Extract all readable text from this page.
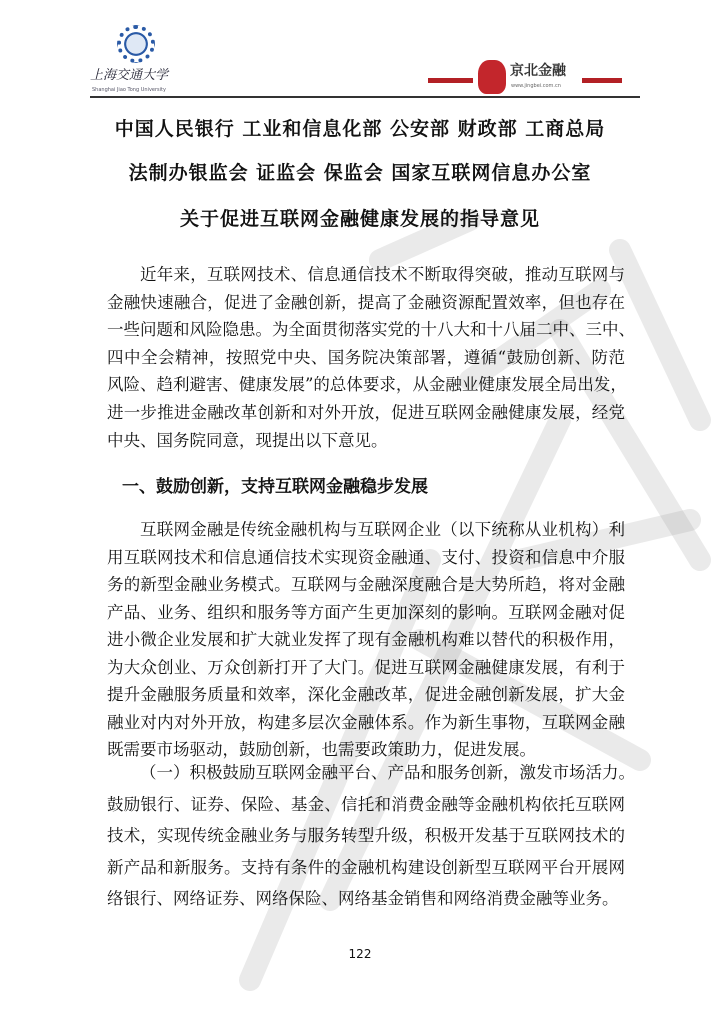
上海交通大学
Shanghai Jiao Tong University
京北金融
www.jingbei.com.cn
中国人民银行 工业和信息化部 公安部 财政部 工商总局
法制办银监会 证监会 保监会 国家互联网信息办公室
关于促进互联网金融健康发展的指导意见
近年来，互联网技术、信息通信技术不断取得突破，推动互联网与
金融快速融合，促进了金融创新，提高了金融资源配置效率，但也存在
一些问题和风险隐患。为全面贯彻落实党的十八大和十八届二中、三中、
四中全会精神，按照党中央、国务院决策部署，遵循“鼓励创新、防范
风险、趋利避害、健康发展”的总体要求，从金融业健康发展全局出发，
进一步推进金融改革创新和对外开放，促进互联网金融健康发展，经党
中央、国务院同意，现提出以下意见。
一、鼓励创新，支持互联网金融稳步发展
互联网金融是传统金融机构与互联网企业（以下统称从业机构）利
用互联网技术和信息通信技术实现资金融通、支付、投资和信息中介服
务的新型金融业务模式。互联网与金融深度融合是大势所趋，将对金融
产品、业务、组织和服务等方面产生更加深刻的影响。互联网金融对促
进小微企业发展和扩大就业发挥了现有金融机构难以替代的积极作用，
为大众创业、万众创新打开了大门。促进互联网金融健康发展，有利于
提升金融服务质量和效率，深化金融改革，促进金融创新发展，扩大金
融业对内对外开放，构建多层次金融体系。作为新生事物，互联网金融
既需要市场驱动，鼓励创新，也需要政策助力，促进发展。
（一）积极鼓励互联网金融平台、产品和服务创新，激发市场活力。
鼓励银行、证券、保险、基金、信托和消费金融等金融机构依托互联网
技术，实现传统金融业务与服务转型升级，积极开发基于互联网技术的
新产品和新服务。支持有条件的金融机构建设创新型互联网平台开展网
络银行、网络证券、网络保险、网络基金销售和网络消费金融等业务。
122
